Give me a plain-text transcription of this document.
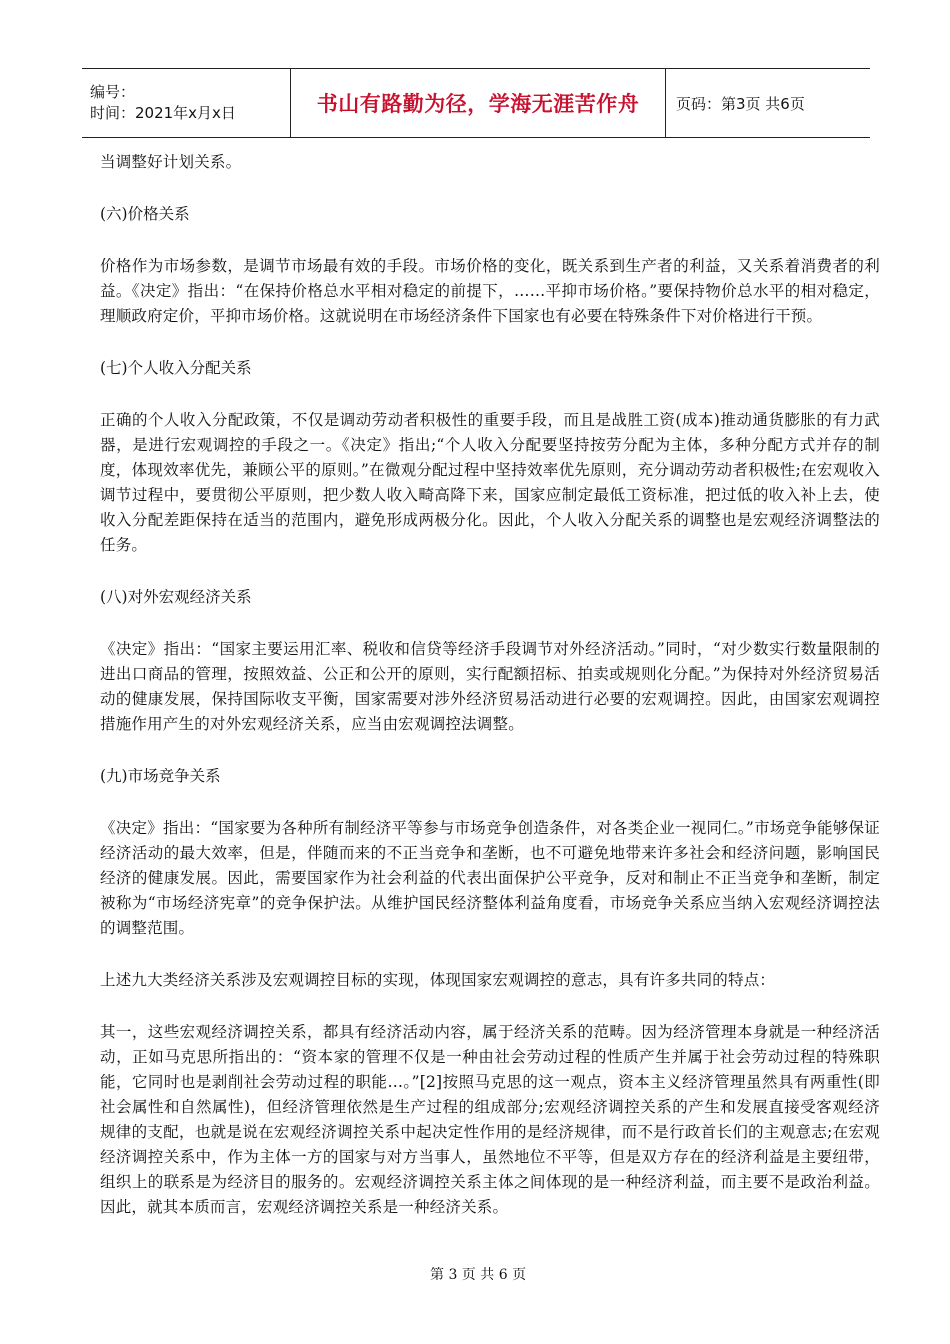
编号：
时间：2021年x月x日	书山有路勤为径，学海无涯苦作舟 页码：第3页 共6页

当调整好计划关系。

(六)价格关系

价格作为市场参数，是调节市场最有效的手段。市场价格的变化，既关系到生产者的利益，又关系着消费者的利益。《决定》指出：“在保持价格总水平相对稳定的前提下，……平抑市场价格。”要保持物价总水平的相对稳定，理顺政府定价，平抑市场价格。这就说明在市场经济条件下国家也有必要在特殊条件下对价格进行干预。

(七)个人收入分配关系

正确的个人收入分配政策，不仅是调动劳动者积极性的重要手段，而且是战胜工资(成本)推动通货膨胀的有力武器，是进行宏观调控的手段之一。《决定》指出;“个人收入分配要坚持按劳分配为主体，多种分配方式并存的制度，体现效率优先，兼顾公平的原则。”在微观分配过程中坚持效率优先原则，充分调动劳动者积极性;在宏观收入调节过程中，要贯彻公平原则，把少数人收入畸高降下来，国家应制定最低工资标准，把过低的收入补上去，使收入分配差距保持在适当的范围内，避免形成两极分化。因此，个人收入分配关系的调整也是宏观经济调整法的任务。

(八)对外宏观经济关系

《决定》指出：“国家主要运用汇率、税收和信贷等经济手段调节对外经济活动。”同时，“对少数实行数量限制的进出口商品的管理，按照效益、公正和公开的原则，实行配额招标、拍卖或规则化分配。”为保持对外经济贸易活动的健康发展，保持国际收支平衡，国家需要对涉外经济贸易活动进行必要的宏观调控。因此，由国家宏观调控措施作用产生的对外宏观经济关系，应当由宏观调控法调整。

(九)市场竞争关系

《决定》指出：“国家要为各种所有制经济平等参与市场竞争创造条件，对各类企业一视同仁。”市场竞争能够保证经济活动的最大效率，但是，伴随而来的不正当竞争和垄断，也不可避免地带来许多社会和经济问题，影响国民经济的健康发展。因此，需要国家作为社会利益的代表出面保护公平竞争，反对和制止不正当竞争和垄断，制定被称为“市场经济宪章”的竞争保护法。从维护国民经济整体利益角度看，市场竞争关系应当纳入宏观经济调控法的调整范围。

上述九大类经济关系涉及宏观调控目标的实现，体现国家宏观调控的意志，具有许多共同的特点：

其一，这些宏观经济调控关系，都具有经济活动内容，属于经济关系的范畴。因为经济管理本身就是一种经济活动，正如马克思所指出的：“资本家的管理不仅是一种由社会劳动过程的性质产生并属于社会劳动过程的特殊职能，它同时也是剥削社会劳动过程的职能…。”[2]按照马克思的这一观点，资本主义经济管理虽然具有两重性(即社会属性和自然属性)，但经济管理依然是生产过程的组成部分;宏观经济调控关系的产生和发展直接受客观经济规律的支配，也就是说在宏观经济调控关系中起决定性作用的是经济规律，而不是行政首长们的主观意志;在宏观经济调控关系中，作为主体一方的国家与对方当事人，虽然地位不平等，但是双方存在的经济利益是主要纽带，组织上的联系是为经济目的服务的。宏观经济调控关系主体之间体现的是一种经济利益，而主要不是政治利益。因此，就其本质而言，宏观经济调控关系是一种经济关系。

第 3 页 共 6 页
